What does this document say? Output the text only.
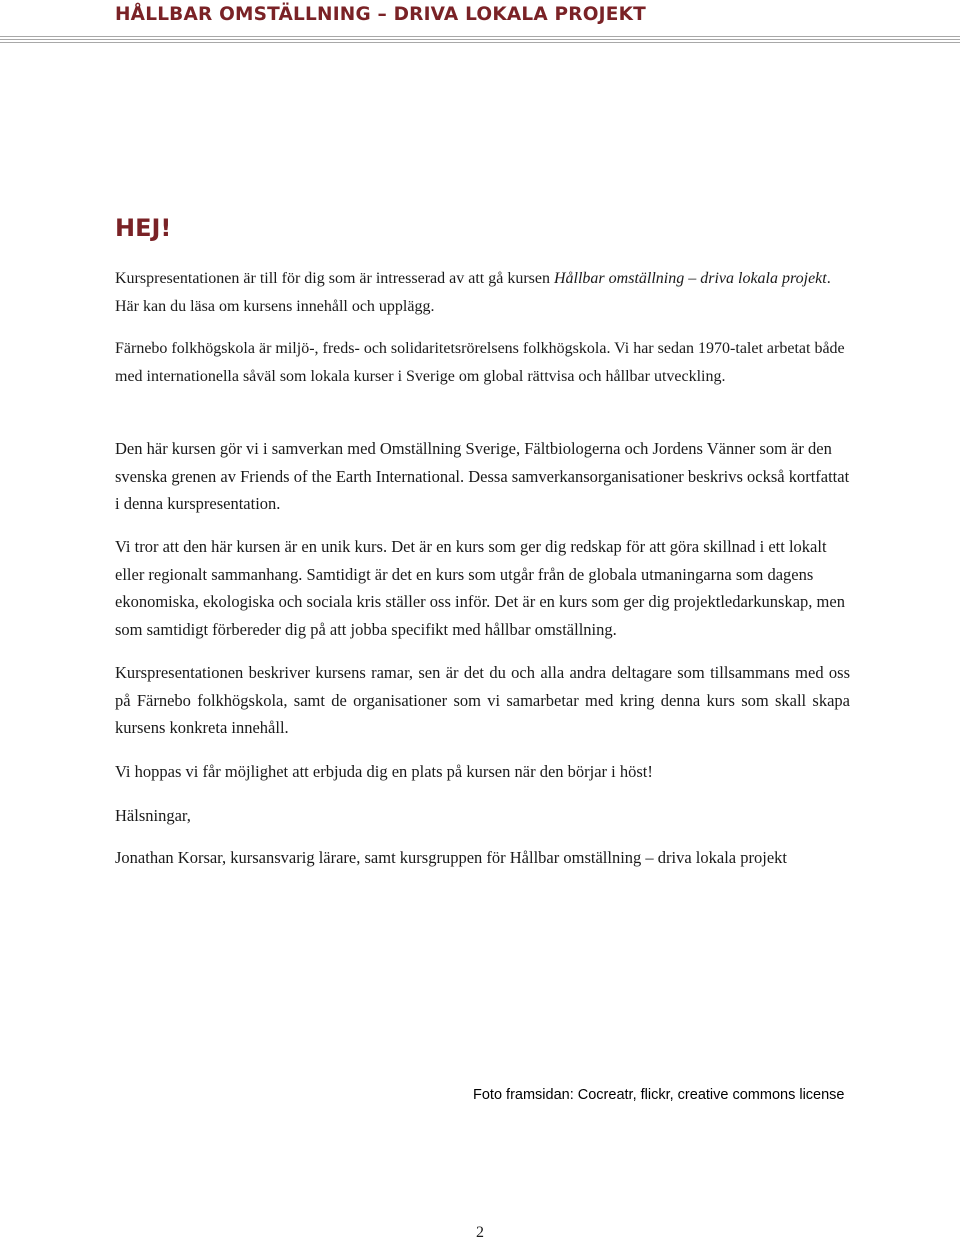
HÅLLBAR OMSTÄLLNING – DRIVA LOKALA PROJEKT
HEJ!

Kurspresentationen är till för dig som är intresserad av att gå kursen Hållbar omställning – driva lokala projekt. Här kan du läsa om kursens innehåll och upplägg.

Färnebo folkhögskola är miljö-, freds- och solidaritetsrörelsens folkhögskola. Vi har sedan 1970-talet arbetat både med internationella såväl som lokala kurser i Sverige om global rättvisa och hållbar utveckling.

Den här kursen gör vi i samverkan med Omställning Sverige, Fältbiologerna och Jordens Vänner som är den svenska grenen av Friends of the Earth International. Dessa samverkansorganisationer beskrivs också kortfattat i denna kurspresentation.

Vi tror att den här kursen är en unik kurs. Det är en kurs som ger dig redskap för att göra skillnad i ett lokalt eller regionalt sammanhang. Samtidigt är det en kurs som utgår från de globala utmaningarna som dagens ekonomiska, ekologiska och sociala kris ställer oss inför. Det är en kurs som ger dig projektledarkunskap, men som samtidigt förbereder dig på att jobba specifikt med hållbar omställning.

Kurspresentationen beskriver kursens ramar, sen är det du och alla andra deltagare som tillsammans med oss på Färnebo folkhögskola, samt de organisationer som vi samarbetar med kring denna kurs som skall skapa kursens konkreta innehåll.

Vi hoppas vi får möjlighet att erbjuda dig en plats på kursen när den börjar i höst!

Hälsningar,

Jonathan Korsar, kursansvarig lärare, samt kursgruppen för Hållbar omställning – driva lokala projekt

Foto framsidan: Cocreatr, flickr, creative commons license
2
